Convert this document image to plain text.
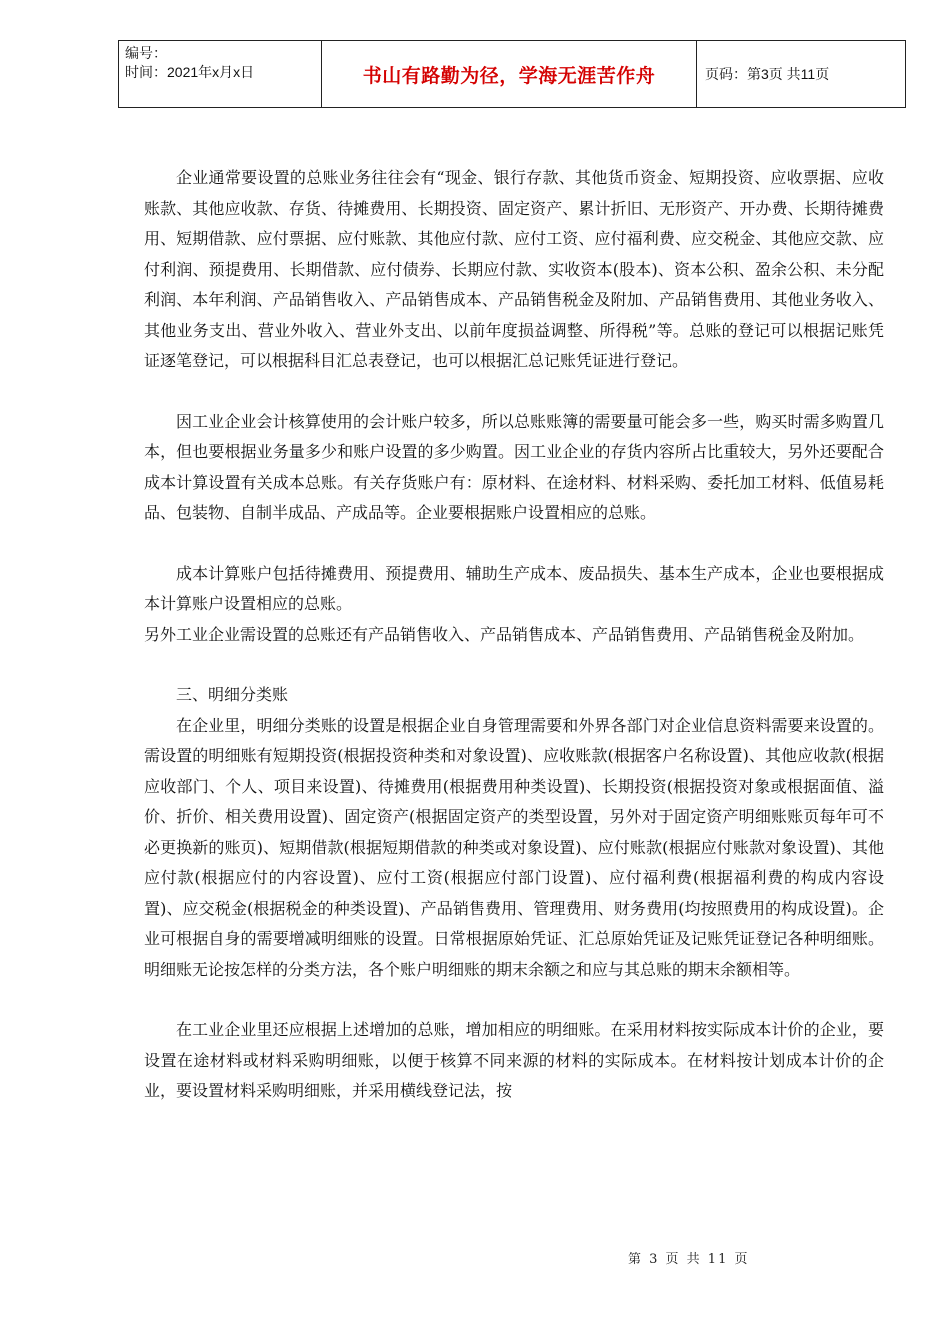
编号：
时间：2021年x月x日	书山有路勤为径，学海无涯苦作舟	页码：第3页 共11页

企业通常要设置的总账业务往往会有“现金、银行存款、其他货币资金、短期投资、应收票据、应收账款、其他应收款、存货、待摊费用、长期投资、固定资产、累计折旧、无形资产、开办费、长期待摊费用、短期借款、应付票据、应付账款、其他应付款、应付工资、应付福利费、应交税金、其他应交款、应付利润、预提费用、长期借款、应付债券、长期应付款、实收资本(股本)、资本公积、盈余公积、未分配利润、本年利润、产品销售收入、产品销售成本、产品销售税金及附加、产品销售费用、其他业务收入、其他业务支出、营业外收入、营业外支出、以前年度损益调整、所得税”等。总账的登记可以根据记账凭证逐笔登记，可以根据科目汇总表登记，也可以根据汇总记账凭证进行登记。

因工业企业会计核算使用的会计账户较多，所以总账账簿的需要量可能会多一些，购买时需多购置几本，但也要根据业务量多少和账户设置的多少购置。因工业企业的存货内容所占比重较大，另外还要配合成本计算设置有关成本总账。有关存货账户有：原材料、在途材料、材料采购、委托加工材料、低值易耗品、包装物、自制半成品、产成品等。企业要根据账户设置相应的总账。

成本计算账户包括待摊费用、预提费用、辅助生产成本、废品损失、基本生产成本，企业也要根据成本计算账户设置相应的总账。

另外工业企业需设置的总账还有产品销售收入、产品销售成本、产品销售费用、产品销售税金及附加。

三、明细分类账

在企业里，明细分类账的设置是根据企业自身管理需要和外界各部门对企业信息资料需要来设置的。需设置的明细账有短期投资(根据投资种类和对象设置)、应收账款(根据客户名称设置)、其他应收款(根据应收部门、个人、项目来设置)、待摊费用(根据费用种类设置)、长期投资(根据投资对象或根据面值、溢价、折价、相关费用设置)、固定资产(根据固定资产的类型设置，另外对于固定资产明细账账页每年可不必更换新的账页)、短期借款(根据短期借款的种类或对象设置)、应付账款(根据应付账款对象设置)、其他应付款(根据应付的内容设置)、应付工资(根据应付部门设置)、应付福利费(根据福利费的构成内容设置)、应交税金(根据税金的种类设置)、产品销售费用、管理费用、财务费用(均按照费用的构成设置)。企业可根据自身的需要增减明细账的设置。日常根据原始凭证、汇总原始凭证及记账凭证登记各种明细账。明细账无论按怎样的分类方法，各个账户明细账的期末余额之和应与其总账的期末余额相等。

在工业企业里还应根据上述增加的总账，增加相应的明细账。在采用材料按实际成本计价的企业，要设置在途材料或材料采购明细账，以便于核算不同来源的材料的实际成本。在材料按计划成本计价的企业，要设置材料采购明细账，并采用横线登记法，按

第 3 页 共 11 页
